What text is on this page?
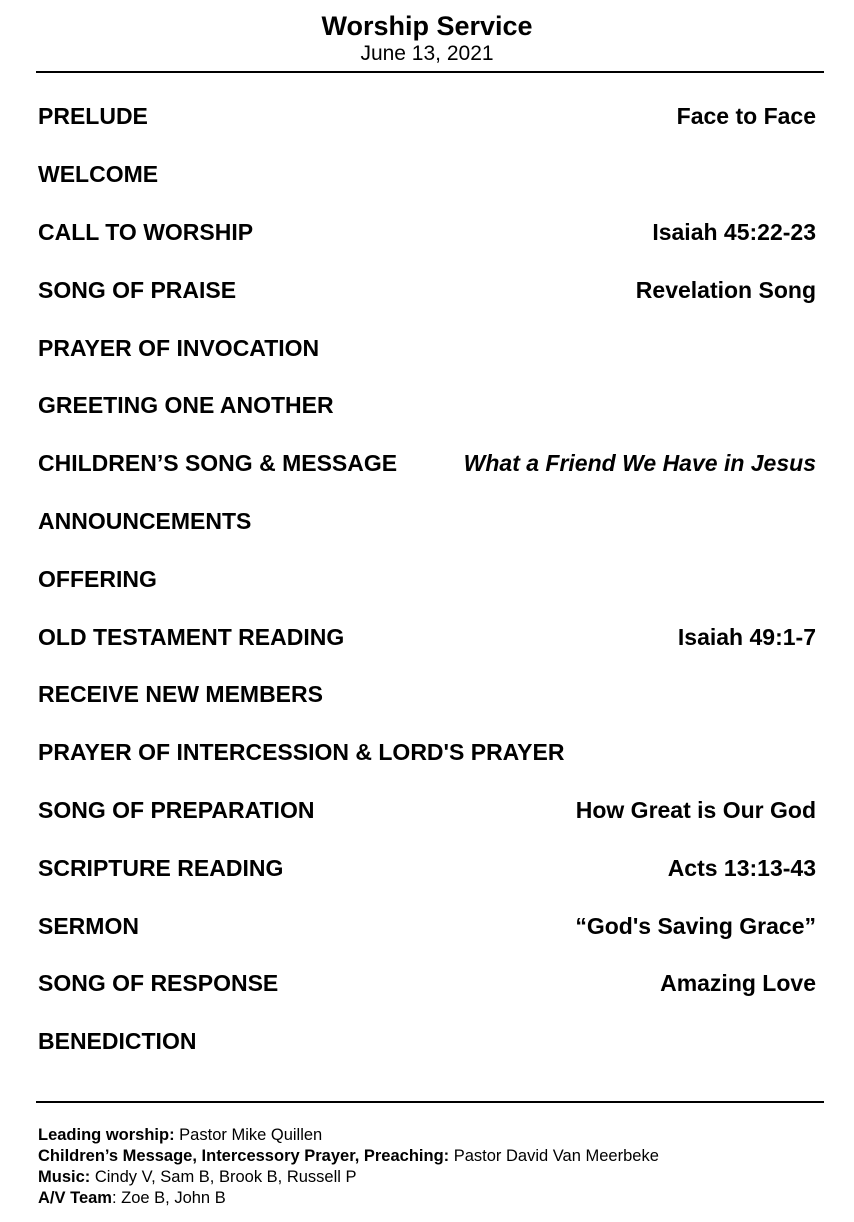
Worship Service
June 13, 2021
PRELUDE	Face to Face
WELCOME
CALL TO WORSHIP	Isaiah 45:22-23
SONG OF PRAISE	Revelation Song
PRAYER OF INVOCATION
GREETING ONE ANOTHER
CHILDREN’S SONG & MESSAGE	What a Friend We Have in Jesus
ANNOUNCEMENTS
OFFERING
OLD TESTAMENT READING	Isaiah 49:1-7
RECEIVE NEW MEMBERS
PRAYER OF INTERCESSION & LORD'S PRAYER
SONG OF PREPARATION	How Great is Our God
SCRIPTURE READING	Acts 13:13-43
SERMON	“God's Saving Grace”
SONG OF RESPONSE	Amazing Love
BENEDICTION
Leading worship: Pastor Mike Quillen
Children’s Message, Intercessory Prayer, Preaching: Pastor David Van Meerbeke
Music: Cindy V, Sam B, Brook B, Russell P
A/V Team: Zoe B, John B
